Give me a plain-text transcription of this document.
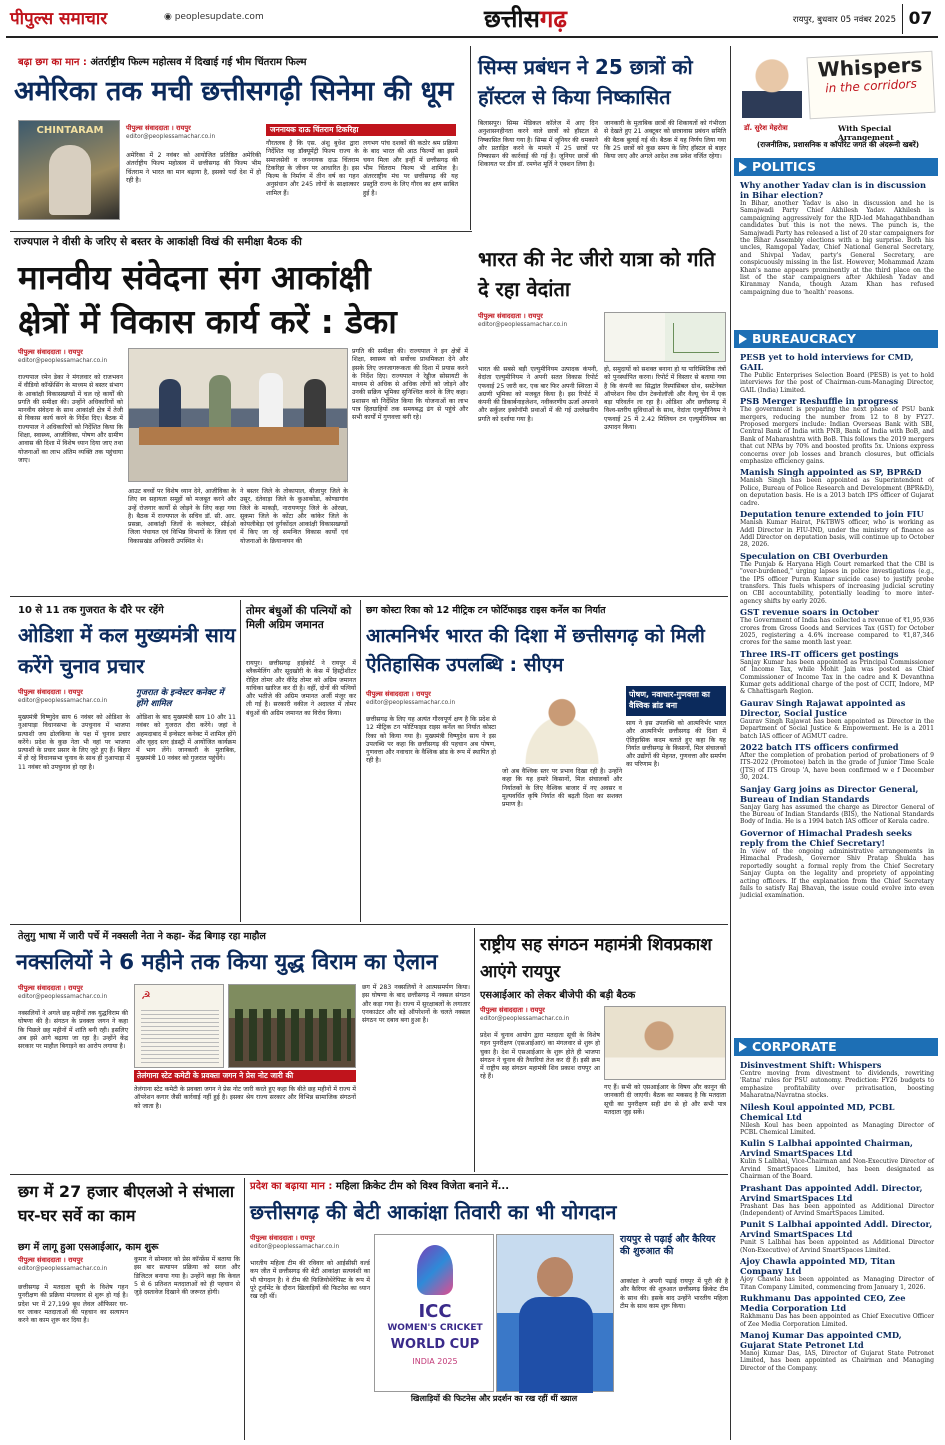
पीपुल्स समाचार	◉ peoplesupdate.com	छत्तीसगढ़	रायपुर, बुधवार 05 नवंबर 2025 07
बढ़ा छग का मान : अंतर्राष्ट्रीय फिल्म महोत्सव में दिखाई गई भीम चिंतराम फिल्म
अमेरिका तक मची छत्तीसगढ़ी सिनेमा की धूम
CHINTARAM	पीपुल्स संवाददाता । रायपुर
editor@peoplessamachar.co.in
अमेरिका में 2 नवंबर को आयोजित प्रतिष्ठित अमेरिकी अंतर्राष्ट्रीय फिल्म महोत्सव में छत्तीसगढ़ की फिल्म भीम चिंतराम ने भारत का मान बढ़ाया है, इसको पर्दा देश में हो रही है।
जननायक दाऊ चिंतराम टिकरिहा
गौरतलब है कि एस. अंशु बुधेश द्वारा निर्देशित यह डॉक्यूमेंट्री फिल्म राज्य के समाजसेवी व जननायक दाऊ चिंतराम टिकरिहा के जीवन पर आधारित है। इस फिल्म के निर्माण में तीन वर्ष का गहन अनुसंधान और 245 लोगों के साक्षात्कार शामिल हैं।
लगभग पांच दशकों की कठोर श्रम प्रक्रिया के बाद भारत की आठ फिल्मों का इसमें चयन मिला और इन्हीं में छत्तीसगढ़ की भीम चिंतराम फिल्म भी शामिल है। अंतरराष्ट्रीय मंच पर छत्तीसगढ़ की यह प्रस्तुति राज्य के लिए गौरव का क्षण साबित हुई है।
सिम्स प्रबंधन ने 25 छात्रों को हॉस्टल से किया निष्कासित
बिलासपुर। सिम्स मेडिकल कॉलेज में आए दिन अनुशासनहीनता करने वाले छात्रों को हॉस्टल से निष्कासित किया गया है। सिम्स में जूनियर की धमकाने और प्रताड़ित करने के मामले में 25 छात्रों पर निष्कासन की कार्रवाई की गई है। जूनियर छात्रों की शिकायत पर डीन डॉ. रमणेश मूर्ति ने एक्शन लिया है।
जानकारी के मुताबिक छात्रों की शिकायतों को गंभीरता से देखते हुए 21 अक्टूबर को छात्रावास प्रबंधन समिति की बैठक बुलाई गई थी। बैठक में यह निर्णय लिया गया कि 25 छात्रों को कुछ समय के लिए हॉस्टल से बाहर किया जाए और अगले आदेश तक प्रवेश वर्जित रहेगा।
Whispers
in the corridors
डॉ. सुरेश मेहरोत्रा	With Special Arrangement
(राजनीतिक, प्रशासनिक व कॉर्पोरेट जगत की अंदरूनी खबरें)
POLITICS
Why another Yadav clan is in discussion in Bihar election?
In Bihar, another Yadav is also in discussion and he is Samajwadi Party Chief Akhilesh Yadav. Akhilesh is campaigning aggressively for the RJD-led Mahagathbandhan candidates but this is not the news. The punch is, the Samajwadi Party has released a list of 20 star campaigners for the Bihar Assembly elections with a big surprise. Both his uncles, Ramgopal Yadav, Chief National General Secretary, and Shivpal Yadav, party's General Secretary, are conspicuously missing in the list. However, Mohammad Azam Khan's name appears prominently at the third place on the list of the star campaigners after Akhilesh Yadav and Kiranmay Nanda, though Azam Khan has refused campaigning due to 'health' reasons.
BUREAUCRACY
PESB yet to hold interviews for CMD, GAIL
The Public Enterprises Selection Board (PESB) is yet to hold interviews for the post of Chairman-cum-Managing Director, GAIL (India) Limited.
PSB Merger Reshuffle in progress
The government is preparing the next phase of PSU bank mergers, reducing the number from 12 to 8 by FY27. Proposed mergers include: Indian Overseas Bank with SBI, Central Bank of India with PNB, Bank of India with BoB, and Bank of Maharashtra with BoB. This follows the 2019 mergers that cut NPAs by 70% and boosted profits 5x. Unions express concerns over job losses and branch closures, but officials emphasize efficiency gains.
Manish Singh appointed as SP, BPR&D
Manish Singh has been appointed as Superintendent of Police, Bureau of Police Research and Development (BPR&D), on deputation basis. He is a 2013 batch IPS officer of Gujarat cadre.
Deputation tenure extended to join FIU
Manish Kumar Hairat, P&TBWS officer, who is working as Addl Director in FIU-IND, under the ministry of finance as Addl Director on deputation basis, will continue up to October 28, 2026.
Speculation on CBI Overburden
The Punjab & Haryana High Court remarked that the CBI is "over-burdened," urging lapses in police investigations (e.g., the IPS officer Puran Kumar suicide case) to justify probe transfers. This fuels whispers of increasing judicial scrutiny on CBI accountability, potentially leading to more inter-agency shifts by early 2026.
GST revenue soars in October
The Government of India has collected a revenue of ₹1,95,936 crores from Gross Goods and Services Tax (GST) for October 2025, registering a 4.6% increase compared to ₹1,87,346 crores for the same month last year.
Three IRS-IT officers get postings
Sanjay Kumar has been appointed as Principal Commissioner of Income Tax, while Mohit Jain was posted as Chief Commissioner of Income Tax in the cadre and K Devanthna Kumar gets additional charge of the post of CCIT, Indore, MP & Chhattisgarh Region.
Gaurav Singh Rajawat appointed as Director, Social Justice
Gaurav Singh Rajawat has been appointed as Director in the Department of Social Justice & Empowerment. He is a 2011 batch IAS officer of AGMUT cadre.
2022 batch ITS officers confirmed
After the completion of probation period of probationers of 9 ITS-2022 (Promotee) batch in the grade of Junior Time Scale (JTS) of ITS Group 'A, have been confirmed w e f December 30, 2024.
Sanjay Garg joins as Director General, Bureau of Indian Standards
Sanjay Garg has assumed the charge as Director General of the Bureau of Indian Standards (BIS), the National Standards Body of India. He is a 1994 batch IAS officer of Kerala cadre.
Governor of Himachal Pradesh seeks reply from the Chief Secretary!
In view of the ongoing administrative arrangements in Himachal Pradesh, Governor Shiv Pratap Shukla has reportedly sought a formal reply from the Chief Secretary Sanjay Gupta on the legality and propriety of appointing acting officers. If the explanation from the Chief Secretary fails to satisfy Raj Bhavan, the issue could evolve into even judicial examination.
CORPORATE
Disinvestment Shift: Whispers
Centre moving from divestment to dividends, rewriting 'Ratna' rules for PSU autonomy. Prediction: FY26 budgets to emphasize profitability over privatisation, boosting Maharatna/Navratna stocks.
Nilesh Koul appointed MD, PCBL Chemical Ltd
Nilesh Koul has been appointed as Managing Director of PCBL Chemical Limited.
Kulin S Lalbhai appointed Chairman, Arvind SmartSpaces Ltd
Kulin S Lalbhai, Vice-Chairman and Non-Executive Director of Arvind SmartSpaces Limited, has been designated as Chairman of the Board.
Prashant Das appointed Addl. Director, Arvind SmartSpaces Ltd
Prashant Das has been appointed as Additional Director (Independent) of Arvind SmartSpaces Limited.
Punit S Lalbhai appointed Addl. Director, Arvind SmartSpaces Ltd
Punit S Lalbhai has been appointed as Additional Director (Non-Executive) of Arvind SmartSpaces Limited.
Ajoy Chawla appointed MD, Titan Company Ltd
Ajoy Chawla has been appointed as Managing Director of Titan Company Limited, commencing from January 1, 2026.
Rukhmanu Das appointed CEO, Zee Media Corporation Ltd
Rakhmanu Das has been appointed as Chief Executive Officer of Zee Media Corporation Limited.
Manoj Kumar Das appointed CMD, Gujarat State Petronet Ltd
Manoj Kumar Das, IAS, Director of Gujarat State Petronet Limited, has been appointed as Chairman and Managing Director of the Company.
राज्यपाल ने वीसी के जरिए से बस्तर के आकांक्षी विखं की समीक्षा बैठक की
मानवीय संवेदना संग आकांक्षी
क्षेत्रों में विकास कार्य करें : डेका
पीपुल्स संवाददाता । रायपुर
editor@peoplessamachar.co.in
राज्यपाल रमेन डेका ने मंगलवार को राजभवन में वीडियो कॉन्फ्रेंसिंग के माध्यम से बस्तर संभाग के आकांक्षी विकासखण्डों में चल रहे कार्यों की प्रगति की समीक्षा की। उन्होंने अधिकारियों को मानवीय संवेदना के साथ आकांक्षी क्षेत्र में तेजी से विकास कार्य करने के निर्देश दिए। बैठक में राज्यपाल ने अधिकारियों को निर्देशित किया कि शिक्षा, स्वास्थ्य, आजीविका, पोषण और ग्रामीण आवास की दिशा में विशेष ध्यान दिया जाए तथा योजनाओं का लाभ अंतिम व्यक्ति तक पहुंचाया जाए।
आउट बच्चों पर विशेष ध्यान देने, आजीविका के लिए स्व सहायता समूहों को मजबूत करने और उन्हें रोजगार कार्यों से जोड़ने के लिए कहा गया है। बैठक में राज्यपाल के सचिव डॉ. सी. आर. प्रसन्ना, आकांक्षी जिलों के कलेक्टर, सीईओ जिला पंचायत एवं विभिन्न विभागों के जिला एवं विकासखंड अधिकारी उपस्थित थे।
ने बस्तर जिले के तोकापाल, बीजापुर जिले के उसूर, दंतेवाड़ा जिले के कुआकोंडा, कोण्डागांव जिले के माकड़ी, नारायणपुर जिले के ओरछा, सुकमा जिले के कोंटा और कांकेर जिले के कोयलीबेड़ा एवं दुर्गकोंदल आकांक्षी विकासखण्डों में किए जा रहे समन्वित विकास कार्यों एवं योजनाओं के क्रियान्वयन की
प्रगति की समीक्षा की। राज्यपाल ने इन क्षेत्रों में शिक्षा, स्वास्थ्य को सर्वोच्च प्राथमिकता देने और इसके लिए जनजागरूकता की दिशा में प्रयास करने के निर्देश दिए। राज्यपाल ने रेड्डीज सोसायटी के माध्यम से अधिक से अधिक लोगों को जोड़ने और उनकी सक्रिय भूमिका सुनिश्चित करने के लिए कहा। प्रशासन को निर्देशित किया कि योजनाओं का लाभ पात्र हितग्राहियों तक समयबद्ध ढंग से पहुंचे और सभी कार्यों में गुणवत्ता बनी रहे।
भारत की नेट जीरो यात्रा को गति दे रहा वेदांता
पीपुल्स संवाददाता । रायपुर
editor@peoplessamachar.co.in
भारत की सबसे बड़ी एल्युमीनियम उत्पादक कंपनी, वेदांता एल्युमीनियम ने अपनी सतत विकास रिपोर्ट एफवाई 25 जारी कर, एक बार फिर अपनी स्थिरता में अग्रणी भूमिका को मजबूत किया है। इस रिपोर्ट में कंपनी की डिकार्बनाइजेशन, नवीकरणीय ऊर्जा अपनाने और सर्कुलर इकोनॉमी प्रथाओं में की गई उल्लेखनीय प्रगति को दर्शाया गया है।
हो, समुदायों को सशक्त बनाना हो या पारिस्थितिक तंत्रों को पुनर्स्थापित करना। रिपोर्ट में विस्तार से बताया गया है कि कंपनी का सिद्धांत रिस्पांसिबल ग्रोथ, सस्टेनेबल ऑपरेशन विथ ग्रीन टेक्नोलॉजी और वैल्यू चेन में एक बड़ा परिवर्तन ला रहा है। ओडिशा और छत्तीसगढ़ में विश्व-स्तरीय सुविधाओं के साथ, वेदांता एल्युमीनियम ने एफवाई 25 में 2.42 मिलियन टन एल्युमीनियम का उत्पादन किया।
10 से 11 तक गुजरात के दौरे पर रहेंगे
ओडिशा में कल मुख्यमंत्री साय करेंगे चुनाव प्रचार
पीपुल्स संवाददाता । रायपुर
editor@peoplessamachar.co.in
मुख्यमंत्री विष्णुदेव साय 6 नवंबर को ओडिशा के नुआपाड़ा विधानसभा के उपचुनाव में भाजपा प्रत्याशी जय ढोलकिया के पक्ष में चुनाव प्रचार करेंगे। प्रदेश के कुछ नेता भी वहां पर भाजपा प्रत्याशी के प्रचार प्रसार के लिए जुटे हुए हैं। बिहार में हो रहे विधानसभा चुनाव के साथ ही नुआपाड़ा में 11 नवंबर को उपचुनाव हो रहा है।
गुजरात के इन्वेस्टर कनेक्ट में होंगे शामिल
ओडिशा के बाद मुख्यमंत्री साय 10 और 11 नवंबर को गुजरात दौरा करेंगे। जहां वे अहमदाबाद में इन्वेस्टर कनेक्ट में शामिल होंगे और वृहद स्तर इंडस्ट्री में आयोजित कार्यक्रम में भाग लेंगे। जानकारी के मुताबिक, मुख्यमंत्री 10 नवंबर को गुजरात पहुंचेंगे।
तोमर बंधुओं की पत्नियों को मिली अग्रिम जमानत
रायपुर। छत्तीसगढ़ हाईकोर्ट ने रायपुर में ब्लैकमेलिंग और सूदखोरी के केस में हिस्ट्रीशीटर रोहित तोमर और वीरेंद्र तोमर को अग्रिम जमानत याचिका खारिज कर दी है। वहीं, दोनों की पत्नियों और भतीजे की अग्रिम जमानत अर्जी मंजूर कर ली गई है। सरकारी वकील ने अदालत में तोमर बंधुओं की अग्रिम जमानत का विरोध किया।
छग कोस्टा रिका को 12 मीट्रिक टन फोर्टिफाइड राइस कर्नेल का निर्यात
आत्मनिर्भर भारत की दिशा में छत्तीसगढ़ को मिली ऐतिहासिक उपलब्धि : सीएम
पीपुल्स संवाददाता । रायपुर
editor@peoplessamachar.co.in
पोषण, नवाचार-गुणवत्ता का वैश्विक ब्रांड बना
छत्तीसगढ़ के लिए यह अत्यंत गौरवपूर्ण क्षण है कि प्रदेश से 12 मीट्रिक टन फोर्टिफाइड राइस कर्नेल का निर्यात कोस्टा रिका को किया गया है। मुख्यमंत्री विष्णुदेव साय ने इस उपलब्धि पर कहा कि छत्तीसगढ़ की पहचान अब पोषण, गुणवत्ता और नवाचार के वैश्विक ब्रांड के रूप में स्थापित हो रही है।
जो अब वैश्विक स्तर पर प्रभाव दिखा रही है। उन्होंने कहा कि यह हमारे किसानों, मिल संचालकों और निर्यातकों के लिए वैश्विक बाजार में नए अवसर व मूल्यवर्धित कृषि निर्यात की बढ़ती दिशा का सशक्त प्रमाण है।
साय ने इस उपलब्धि को आत्मनिर्भर भारत और आत्मनिर्भर छत्तीसगढ़ की दिशा में ऐतिहासिक कदम बताते हुए कहा कि यह निर्यात छत्तीसगढ़ के किसानों, मिल संचालकों और उद्योगों की मेहनत, गुणवत्ता और समर्पण का परिणाम है।
तेलुगु भाषा में जारी पर्चे में नक्सली नेता ने कहा- केंद्र बिगाड़ रहा माहौल
नक्सलियों ने 6 महीने तक किया युद्ध विराम का ऐलान
पीपुल्स संवाददाता । रायपुर
editor@peoplessamachar.co.in
नक्सलियों ने अगले छह महीनों तक युद्धविराम की घोषणा की है। संगठन के प्रवक्ता जगन ने कहा कि पिछले छह महीनों में शांति बनी रही। इसलिए अब इसे आगे बढ़ाया जा रहा है। उन्होंने केंद्र सरकार पर माहौल बिगाड़ने का आरोप लगाया है।
☭
तेलंगाना स्टेट कमेटी के प्रवक्ता जगन ने प्रेस नोट जारी की
तेलंगाना स्टेट कमेटी के प्रवक्ता जगन ने प्रेस नोट जारी करते हुए कहा कि बीते छह महीनों में राज्य में ऑपरेशन कगार जैसी कार्रवाई नहीं हुई है। इसका श्रेय राज्य सरकार और विभिन्न सामाजिक संगठनों को जाता है।
छग में 283 नक्सलियों ने आत्मसमर्पण किया। इस घोषणा के बाद छत्तीसगढ़ में नक्सल संगठन और कड़ा गया है। राज्य में सुरक्षाबलों के लगातार एनकाउंटर और बड़े ऑपरेशनों के चलते नक्सल संगठन पर दबाव बना हुआ है।
राष्ट्रीय सह संगठन महामंत्री शिवप्रकाश आएंगे रायपुर
एसआईआर को लेकर बीजेपी की बड़ी बैठक
पीपुल्स संवाददाता । रायपुर
editor@peoplessamachar.co.in
प्रदेश में चुनाव आयोग द्वारा मतदाता सूची के विशेष गहन पुनरीक्षण (एसआईआर) का मंगलवार से शुरू हो चुका है। देश में एसआईआर के शुरू होते ही भाजपा संगठन ने चुनाव की तैयारियां तेज कर दी हैं। इसी क्रम में राष्ट्रीय सह संगठन महामंत्री शिव प्रकाश रायपुर आ रहे हैं।
गए हैं। सभी को एसआईआर के विषय और कानून की जानकारी दी जाएगी। बैठक का मकसद है कि मतदाता सूची का पुनरीक्षण सही ढंग से हो और सभी पात्र मतदाता जुड़ सकें।
छग में 27 हजार बीएलओ ने संभाला घर-घर सर्वे का काम
छग में लागू हुआ एसआईआर, काम शुरू
पीपुल्स संवाददाता । रायपुर
editor@peoplessamachar.co.in
छत्तीसगढ़ में मतदाता सूची के विशेष गहन पुनरीक्षण की प्रक्रिया मंगलवार से शुरू हो गई है। प्रदेश भर में 27,199 बूथ लेवल ऑफिसर घर-घर जाकर मतदाताओं की पहचान का सत्यापन करने का काम शुरू कर दिया है।
कुमार ने सोमवार को प्रेस कॉन्फ्रेंस में बताया कि इस बार सत्यापन प्रक्रिया को सरल और डिजिटल बनाया गया है। उन्होंने कहा कि केवल 5 से 6 प्रतिशत मतदाताओं को ही पहचान से जुड़े दस्तावेज दिखाने की जरूरत होगी।
प्रदेश का बढ़ाया मान : महिला क्रिकेट टीम को विश्व विजेता बनाने में...
छत्तीसगढ़ की बेटी आकांक्षा तिवारी का भी योगदान
पीपुल्स संवाददाता । रायपुर
editor@peoplessamachar.co.in
भारतीय महिला टीम की रविवार को आईसीसी वर्ल्ड कप जीत में छत्तीसगढ़ की बेटी आकांक्षा सत्यवंशी का भी योगदान है। वे टीम की फिजियोथेरेपिस्ट के रूप में पूरे टूर्नामेंट के दौरान खिलाड़ियों की फिटनेस का ध्यान रख रही थीं।
ICC
WOMEN'S CRICKET
WORLD CUP
INDIA 2025
खिलाड़ियों की फिटनेस और प्रदर्शन का रख रहीं थीं ख्याल
रायपुर से पढ़ाई और कैरियर की शुरुआत की
आकांक्षा ने अपनी पढ़ाई रायपुर में पूरी की है और कैरियर की शुरुआत छत्तीसगढ़ क्रिकेट टीम के साथ की। इसके बाद उन्होंने भारतीय महिला टीम के साथ काम शुरू किया।
